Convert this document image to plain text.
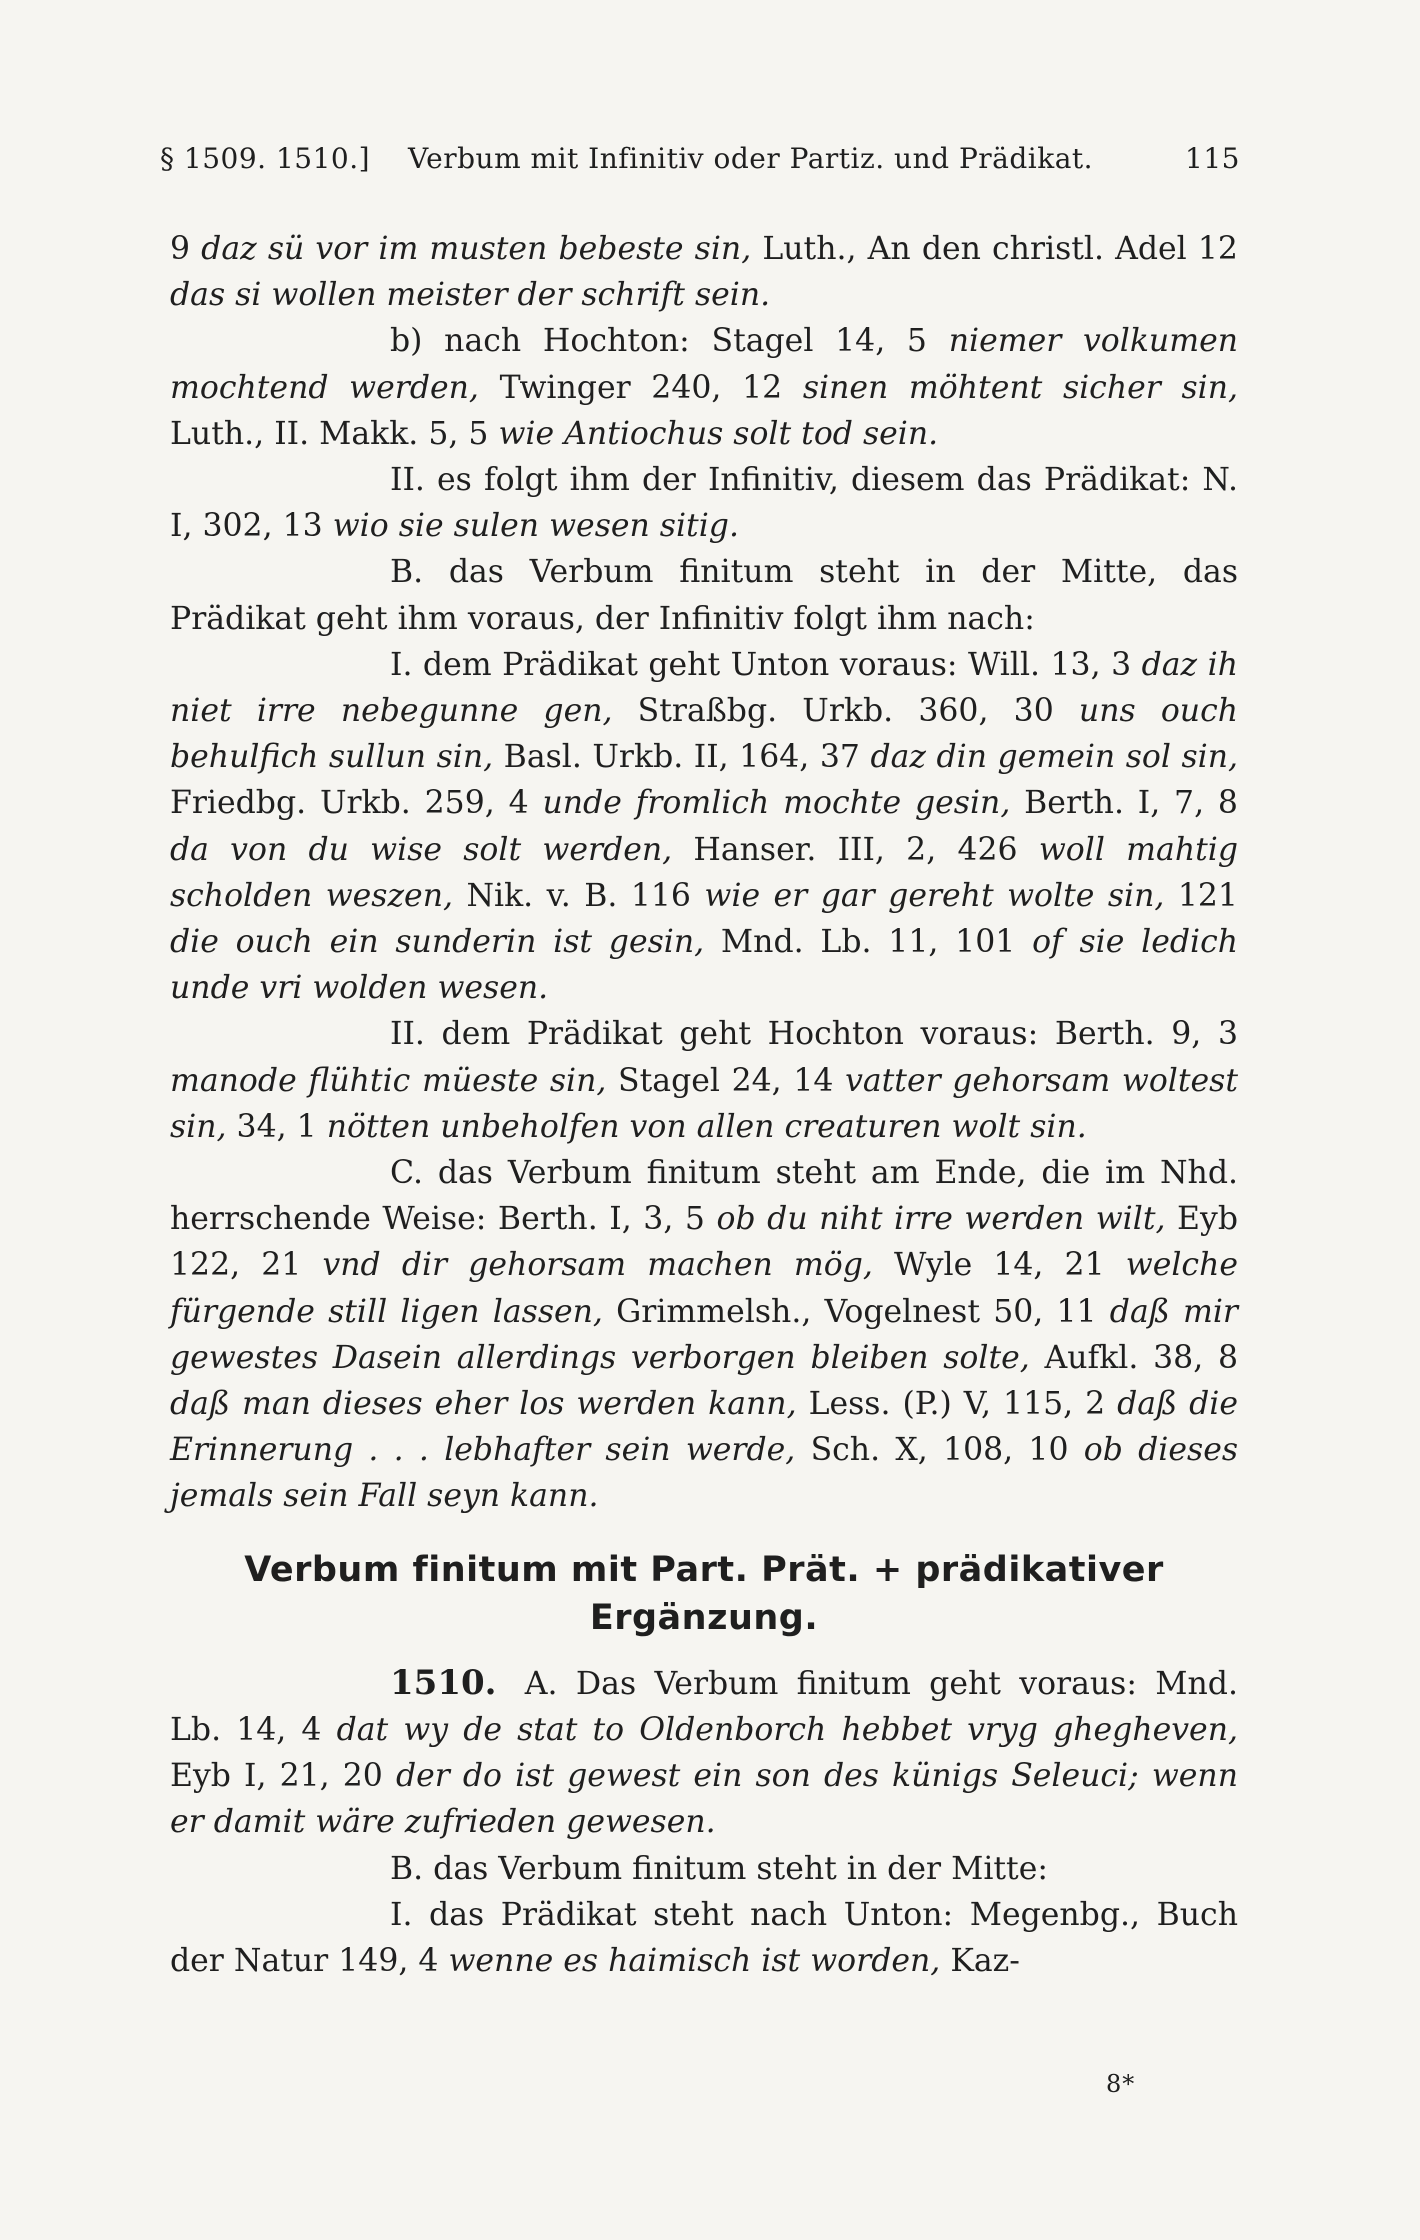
§ 1509. 1510.] Verbum mit Infinitiv oder Partiz. und Prädikat.	115

9 daz sü vor im musten bebeste sin, Luth., An den christl. Adel 12 das si wollen meister der schrift sein.

b) nach Hochton: Stagel 14, 5 niemer volkumen mochtend werden, Twinger 240, 12 sinen möhtent sicher sin, Luth., II. Makk. 5, 5 wie Antiochus solt tod sein.

II. es folgt ihm der Infinitiv, diesem das Prädikat: N. I, 302, 13 wio sie sulen wesen sitig.

B. das Verbum finitum steht in der Mitte, das Prädikat geht ihm voraus, der Infinitiv folgt ihm nach:

I. dem Prädikat geht Unton voraus: Will. 13, 3 daz ih niet irre nebegunne gen, Straßbg. Urkb. 360, 30 uns ouch behulfich sullun sin, Basl. Urkb. II, 164, 37 daz din gemein sol sin, Friedbg. Urkb. 259, 4 unde fromlich mochte gesin, Berth. I, 7, 8 da von du wise solt werden, Hanser. III, 2, 426 woll mahtig scholden weszen, Nik. v. B. 116 wie er gar gereht wolte sin, 121 die ouch ein sunderin ist gesin, Mnd. Lb. 11, 101 of sie ledich unde vri wolden wesen.

II. dem Prädikat geht Hochton voraus: Berth. 9, 3 manode flühtic müeste sin, Stagel 24, 14 vatter gehorsam woltest sin, 34, 1 nötten unbeholfen von allen creaturen wolt sin.

C. das Verbum finitum steht am Ende, die im Nhd. herrschende Weise: Berth. I, 3, 5 ob du niht irre werden wilt, Eyb 122, 21 vnd dir gehorsam machen mög, Wyle 14, 21 welche fürgende still ligen lassen, Grimmelsh., Vogelnest 50, 11 daß mir gewestes Dasein allerdings verborgen bleiben solte, Aufkl. 38, 8 daß man dieses eher los werden kann, Less. (P.) V, 115, 2 daß die Erinnerung . . . lebhafter sein werde, Sch. X, 108, 10 ob dieses jemals sein Fall seyn kann.

Verbum finitum mit Part. Prät. + prädikativer
Ergänzung.

1510. A. Das Verbum finitum geht voraus: Mnd. Lb. 14, 4 dat wy de stat to Oldenborch hebbet vryg ghegheven, Eyb I, 21, 20 der do ist gewest ein son des künigs Seleuci; wenn er damit wäre zufrieden gewesen.

B. das Verbum finitum steht in der Mitte:

I. das Prädikat steht nach Unton: Megenbg., Buch der Natur 149, 4 wenne es haimisch ist worden, Kaz-

8*
